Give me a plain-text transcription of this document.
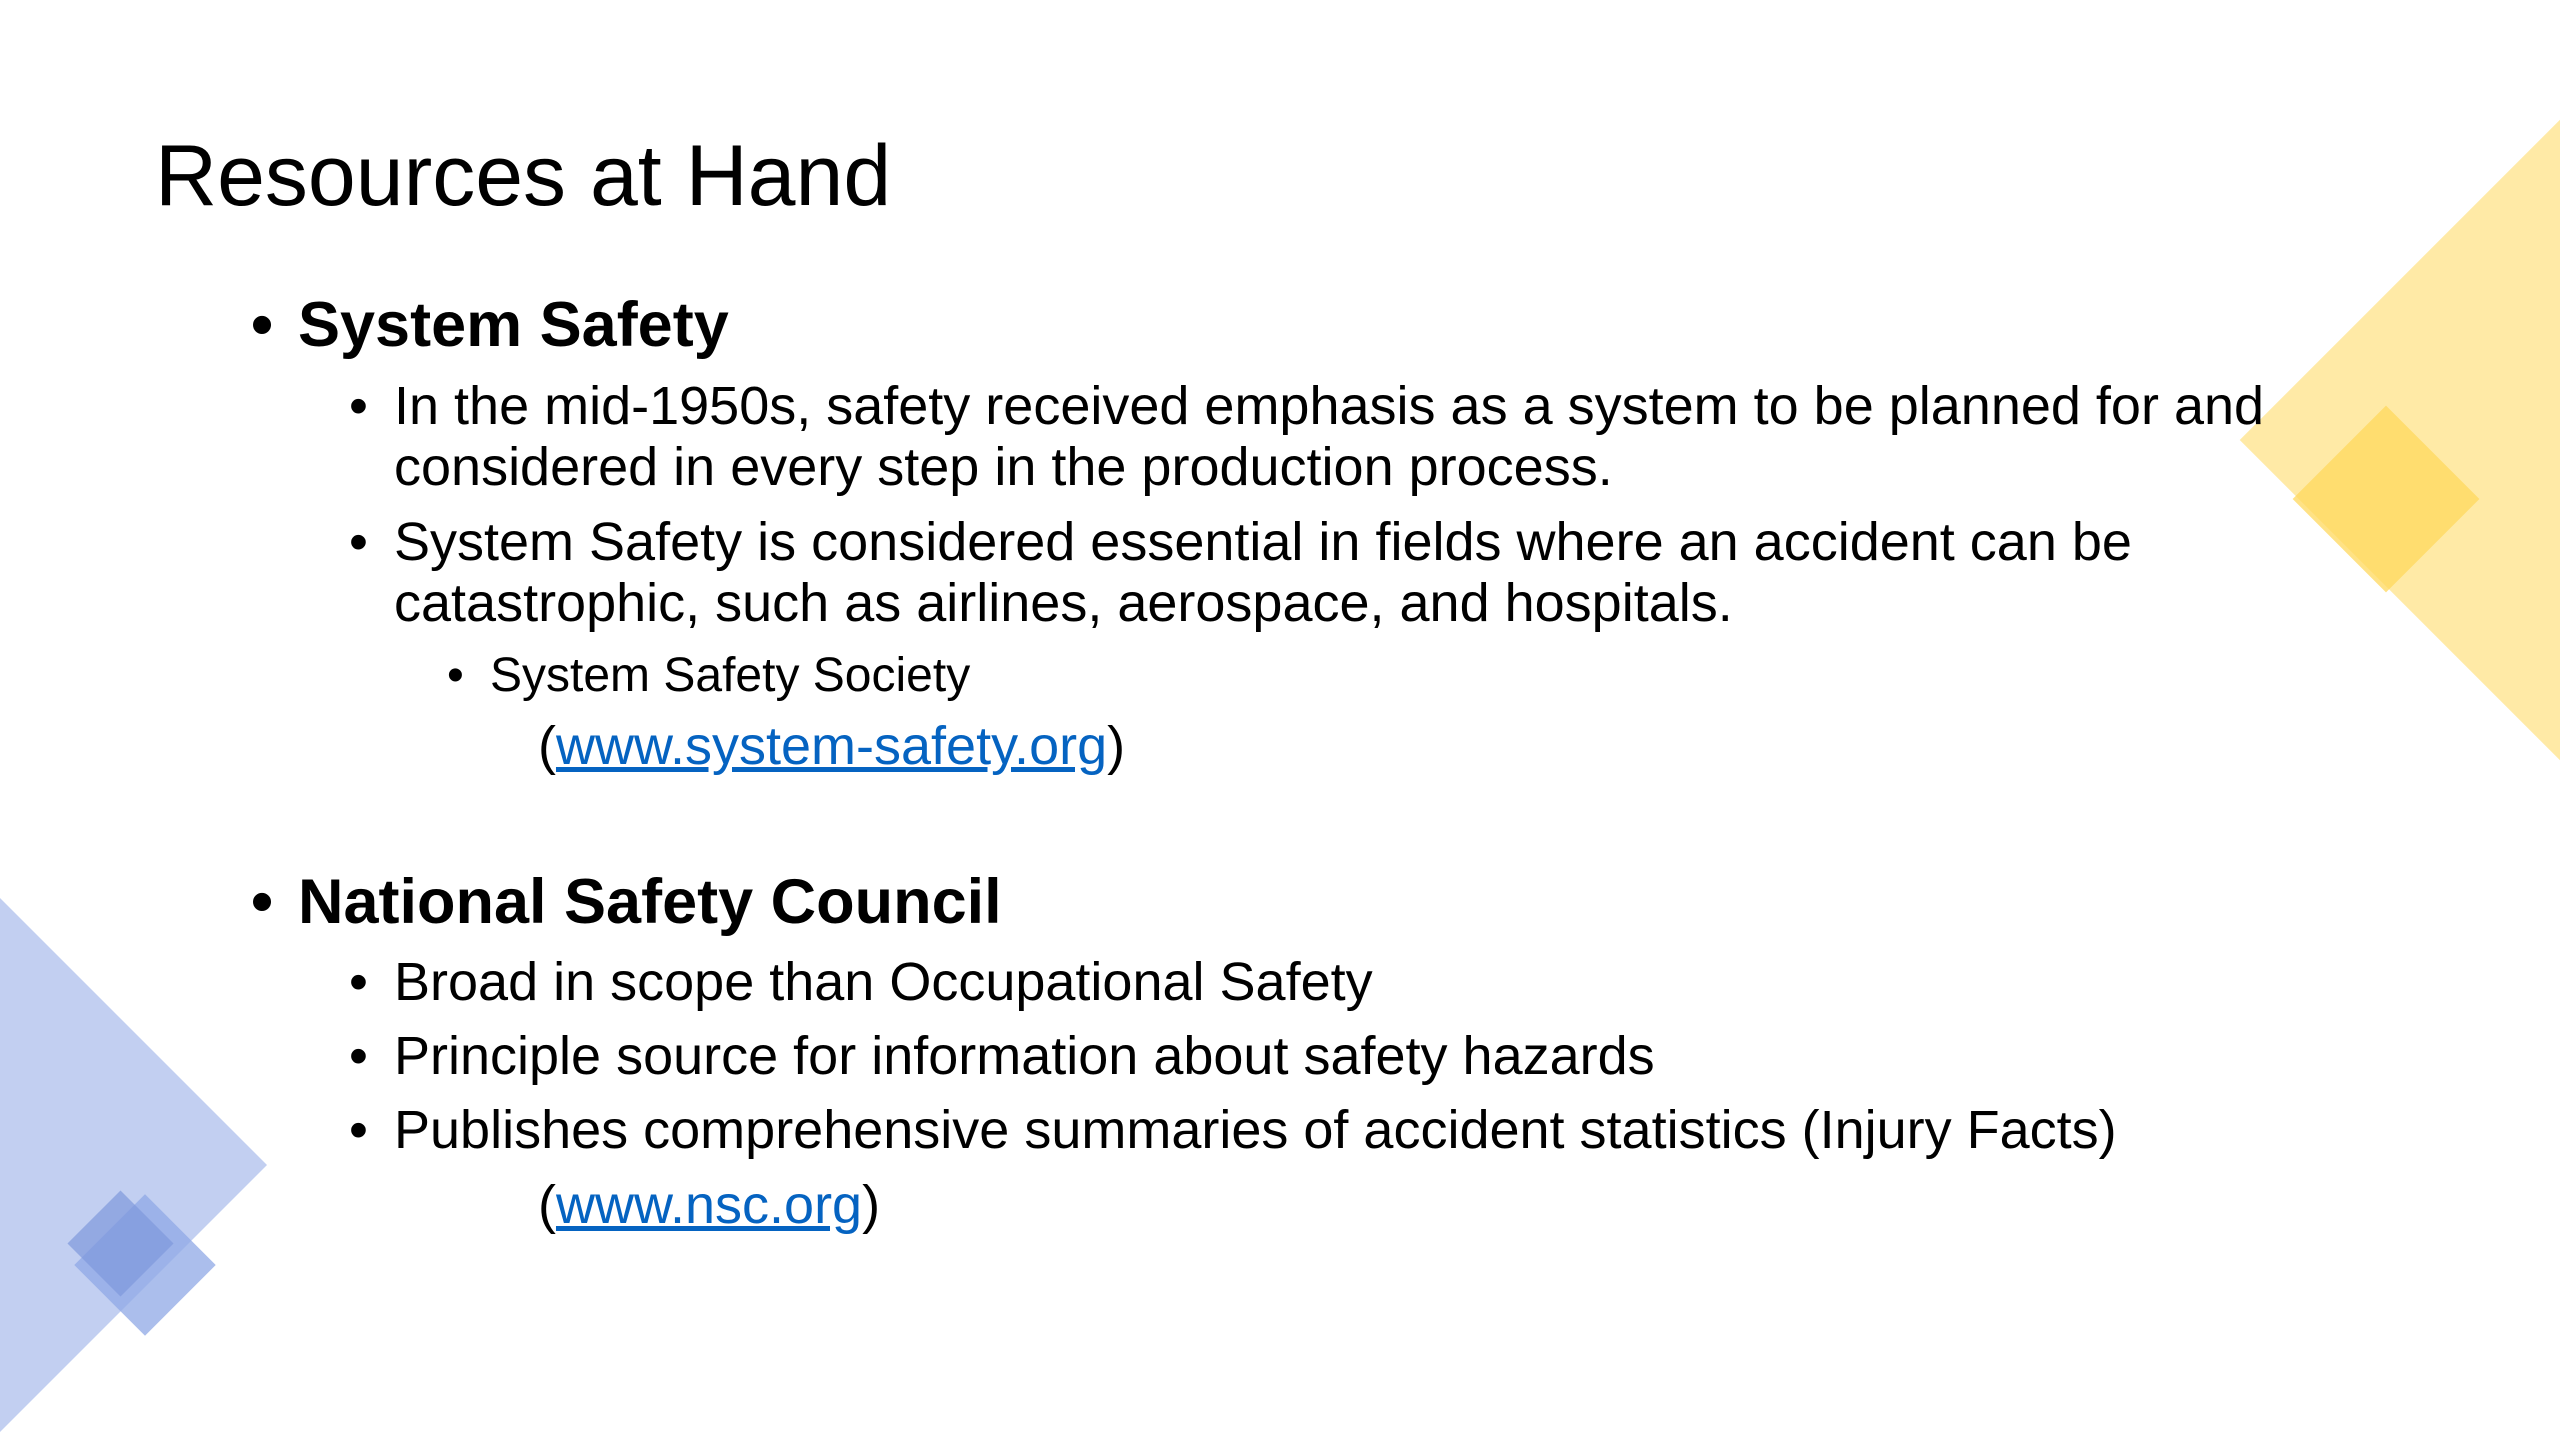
Resources at Hand
• System Safety
• In the mid-1950s, safety received emphasis as a system to be planned for and
considered in every step in the production process.
• System Safety is considered essential in fields where an accident can be
catastrophic, such as airlines, aerospace, and hospitals.
• System Safety Society
(www.system-safety.org)
• National Safety Council
• Broad in scope than Occupational Safety
• Principle source for information about safety hazards
• Publishes comprehensive summaries of accident statistics (Injury Facts)
(www.nsc.org)
